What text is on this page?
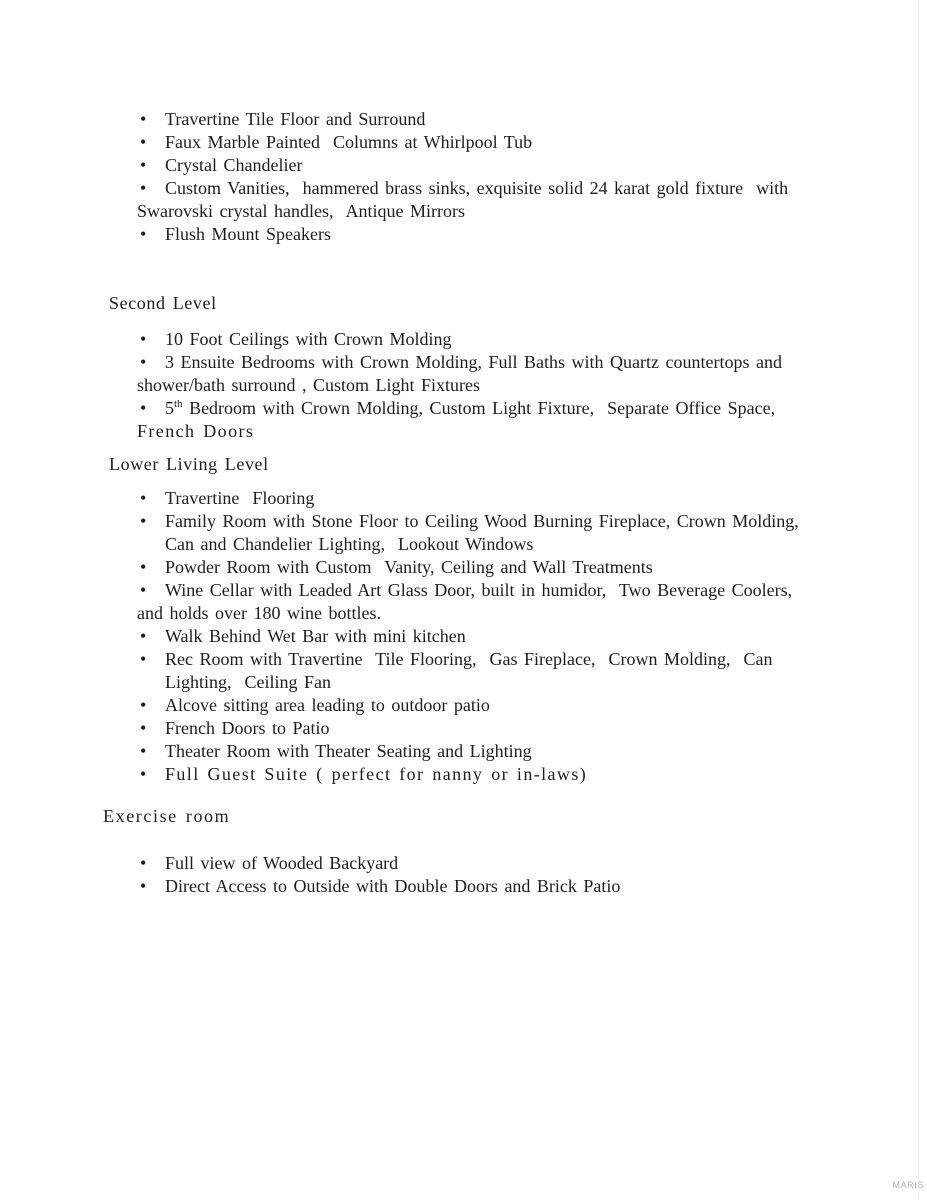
• Travertine Tile Floor and Surround
• Faux Marble Painted  Columns at Whirlpool Tub
• Crystal Chandelier
• Custom Vanities,  hammered brass sinks, exquisite solid 24 karat gold fixture  with
Swarovski crystal handles,  Antique Mirrors
• Flush Mount Speakers
Second Level
• 10 Foot Ceilings with Crown Molding
• 3 Ensuite Bedrooms with Crown Molding, Full Baths with Quartz countertops and
shower/bath surround , Custom Light Fixtures
• 5th Bedroom with Crown Molding, Custom Light Fixture,  Separate Office Space,
French Doors
Lower Living Level
• Travertine  Flooring
• Family Room with Stone Floor to Ceiling Wood Burning Fireplace, Crown Molding,
Can and Chandelier Lighting,  Lookout Windows
• Powder Room with Custom  Vanity, Ceiling and Wall Treatments
• Wine Cellar with Leaded Art Glass Door, built in humidor,  Two Beverage Coolers,
and holds over 180 wine bottles.
• Walk Behind Wet Bar with mini kitchen
• Rec Room with Travertine  Tile Flooring,  Gas Fireplace,  Crown Molding,  Can
Lighting,  Ceiling Fan
• Alcove sitting area leading to outdoor patio
• French Doors to Patio
• Theater Room with Theater Seating and Lighting
• Full Guest Suite ( perfect for nanny or in-laws)
Exercise room
• Full view of Wooded Backyard
• Direct Access to Outside with Double Doors and Brick Patio
MARIS
